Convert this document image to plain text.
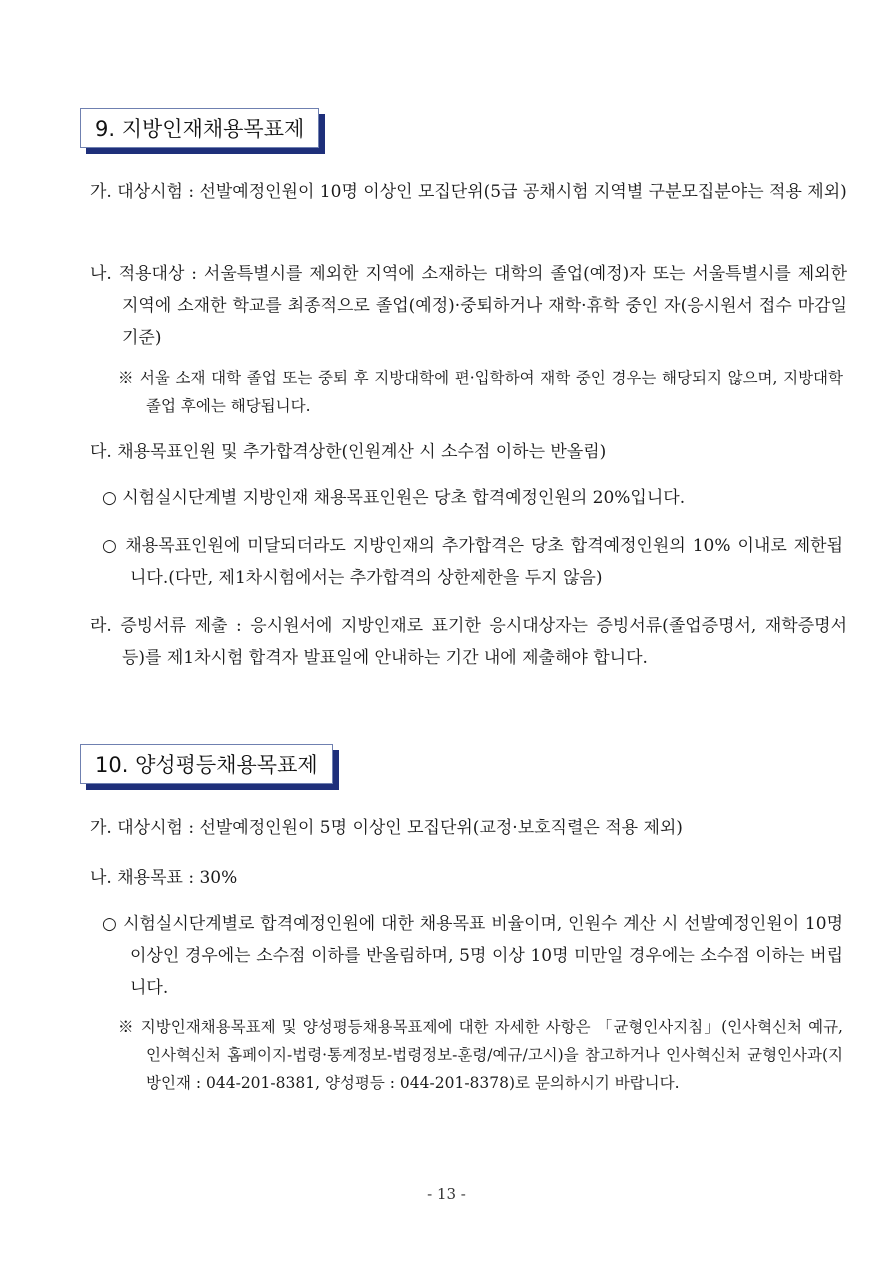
9. 지방인재채용목표제
가. 대상시험 : 선발예정인원이 10명 이상인 모집단위(5급 공채시험 지역별 구분모집분야는 적용 제외)
나. 적용대상 : 서울특별시를 제외한 지역에 소재하는 대학의 졸업(예정)자 또는 서울특별시를 제외한 지역에 소재한 학교를 최종적으로 졸업(예정)·중퇴하거나 재학·휴학 중인 자(응시원서 접수 마감일 기준)
※ 서울 소재 대학 졸업 또는 중퇴 후 지방대학에 편·입학하여 재학 중인 경우는 해당되지 않으며, 지방대학 졸업 후에는 해당됩니다.
다. 채용목표인원 및 추가합격상한(인원계산 시 소수점 이하는 반올림)
○ 시험실시단계별 지방인재 채용목표인원은 당초 합격예정인원의 20%입니다.
○ 채용목표인원에 미달되더라도 지방인재의 추가합격은 당초 합격예정인원의 10% 이내로 제한됩니다.(다만, 제1차시험에서는 추가합격의 상한제한을 두지 않음)
라. 증빙서류 제출 : 응시원서에 지방인재로 표기한 응시대상자는 증빙서류(졸업증명서, 재학증명서 등)를 제1차시험 합격자 발표일에 안내하는 기간 내에 제출해야 합니다.
10. 양성평등채용목표제
가. 대상시험 : 선발예정인원이 5명 이상인 모집단위(교정·보호직렬은 적용 제외)
나. 채용목표 : 30%
○ 시험실시단계별로 합격예정인원에 대한 채용목표 비율이며, 인원수 계산 시 선발예정인원이 10명 이상인 경우에는 소수점 이하를 반올림하며, 5명 이상 10명 미만일 경우에는 소수점 이하는 버립니다.
※ 지방인재채용목표제 및 양성평등채용목표제에 대한 자세한 사항은 「균형인사지침」(인사혁신처 예규, 인사혁신처 홈페이지-법령·통계정보-법령정보-훈령/예규/고시)을 참고하거나 인사혁신처 균형인사과(지방인재 : 044-201-8381, 양성평등 : 044-201-8378)로 문의하시기 바랍니다.
- 13 -
